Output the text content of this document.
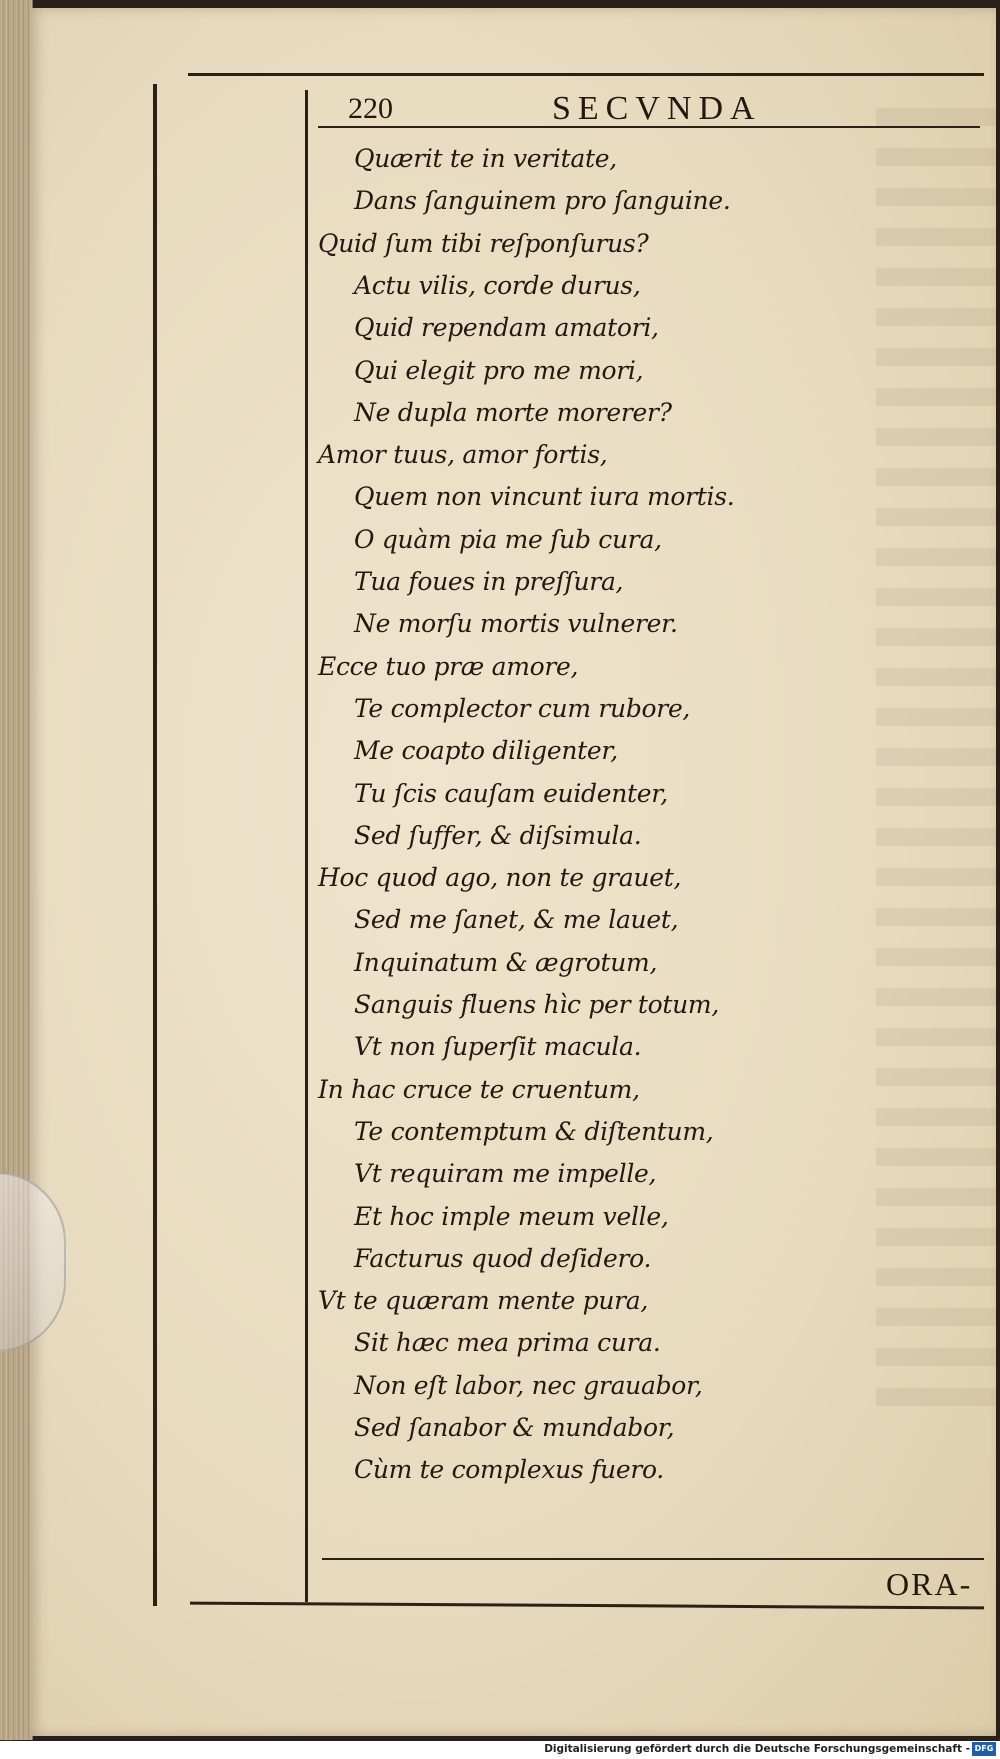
220	SECVNDA
Quærit te in veritate,
Dans ſanguinem pro ſanguine.
Quid ſum tibi reſponſurus?
Actu vilis, corde durus,
Quid rependam amatori,
Qui elegit pro me mori,
Ne dupla morte morerer?
Amor tuus, amor fortis,
Quem non vincunt iura mortis.
O quàm pia me ſub cura,
Tua foues in preſſura,
Ne morſu mortis vulnerer.
Ecce tuo præ amore,
Te complector cum rubore,
Me coapto diligenter,
Tu ſcis cauſam euidenter,
Sed ſuffer, & diſsimula.
Hoc quod ago, non te grauet,
Sed me ſanet, & me lauet,
Inquinatum & ægrotum,
Sanguis fluens hìc per totum,
Vt non ſuperſit macula.
In hac cruce te cruentum,
Te contemptum & diſtentum,
Vt requiram me impelle,
Et hoc imple meum velle,
Facturus quod deſidero.
Vt te quæram mente pura,
Sit hæc mea prima cura.
Non eſt labor, nec grauabor,
Sed ſanabor & mundabor,
Cùm te complexus fuero.
ORA-
Digitalisierung gefördert durch die Deutsche Forschungsgemeinschaft - DFG
